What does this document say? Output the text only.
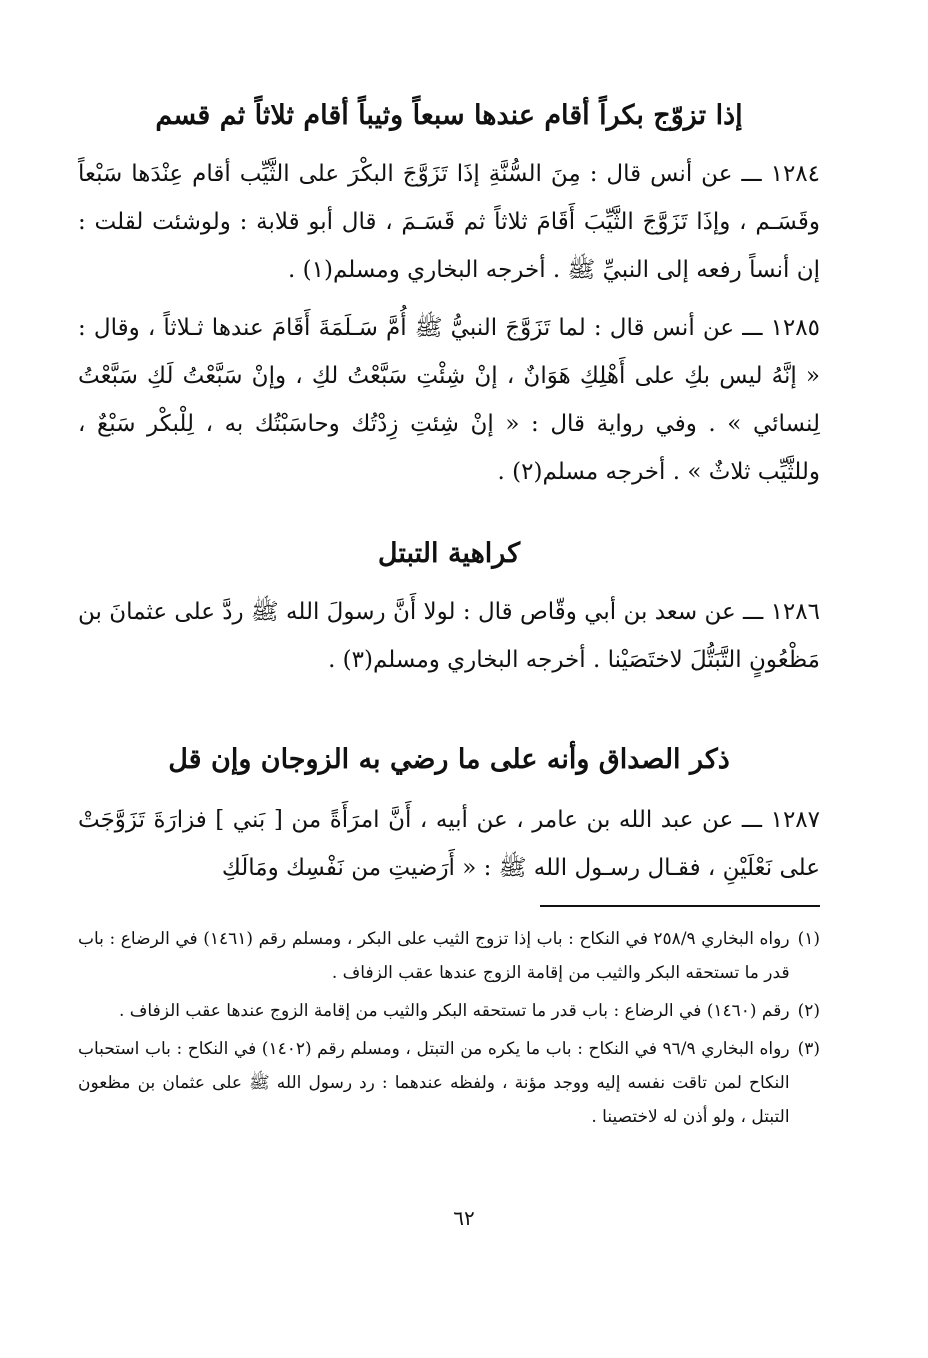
إذا تزوّج بكراً أقام عندها سبعاً وثيباً أقام ثلاثاً ثم قسم

١٢٨٤ ـــ عن أنس قال : مِنَ السُّنَّةِ إذَا تَزَوَّجَ البكْرَ على الثَّيِّب أقام عِنْدَها سَبْعاً وقَسَـم ، وإذَا تَزَوَّجَ الثَّيِّبَ أَقَامَ ثلاثاً ثم قَسَـمَ ، قال أبو قلابة : ولوشئت لقلت : إن أنساً رفعه إلى النبيِّ ﷺ . أخرجه البخاري ومسلم(١) .

١٢٨٥ ـــ عن أنس قال : لما تَزَوَّجَ النبيُّ ﷺ أُمَّ سَـلَمَةَ أَقَامَ عندها ثـلاثاً ، وقال : « إنَّهُ ليس بكِ على أَهْلِكِ هَوَانٌ ، إنْ شِئْتِ سَبَّعْتُ لكِ ، وإنْ سَبَّعْتُ لَكِ سَبَّعْتُ لِنسائي » . وفي رواية قال : « إنْ شِئتِ زِدْتُك وحاسَبْتُك به ، لِلْبكْر سَبْعٌ ، وللثَّيِّب ثلاثٌ » . أخرجه مسلم(٢) .

كراهية التبتل

١٢٨٦ ـــ عن سعد بن أبي وقّاص قال : لولا أَنَّ رسولَ الله ﷺ ردَّ على عثمانَ بن مَظْعُونٍ التَّبَتُّلَ لاختَصَيْنا . أخرجه البخاري ومسلم(٣) .

ذكر الصداق وأنه على ما رضي به الزوجان وإن قل

١٢٨٧ ـــ عن عبد الله بن عامر ، عن أبيه ، أَنَّ امرَأَةً من [ بَني ] فزارَةَ تَزَوَّجَتْ على نَعْلَيْنِ ، فقـال رسـول الله ﷺ : « أَرَضيتِ من نَفْسِك ومَالَكِ

(١)
رواه البخاري ٢٥٨/٩ في النكاح : باب إذا تزوج الثيب على البكر ، ومسلم رقم (١٤٦١) في الرضاع : باب قدر ما تستحقه البكر والثيب من إقامة الزوج عندها عقب الزفاف .
(٢)
رقم (١٤٦٠) في الرضاع : باب قدر ما تستحقه البكر والثيب من إقامة الزوج عندها عقب الزفاف .
(٣)
رواه البخاري ٩٦/٩ في النكاح : باب ما يكره من التبتل ، ومسلم رقم (١٤٠٢) في النكاح : باب استحباب النكاح لمن تاقت نفسه إليه ووجد مؤنة ، ولفظه عندهما : رد رسول الله ﷺ على عثمان بن مظعون التبتل ، ولو أذن له لاختصينا .
٦٢
